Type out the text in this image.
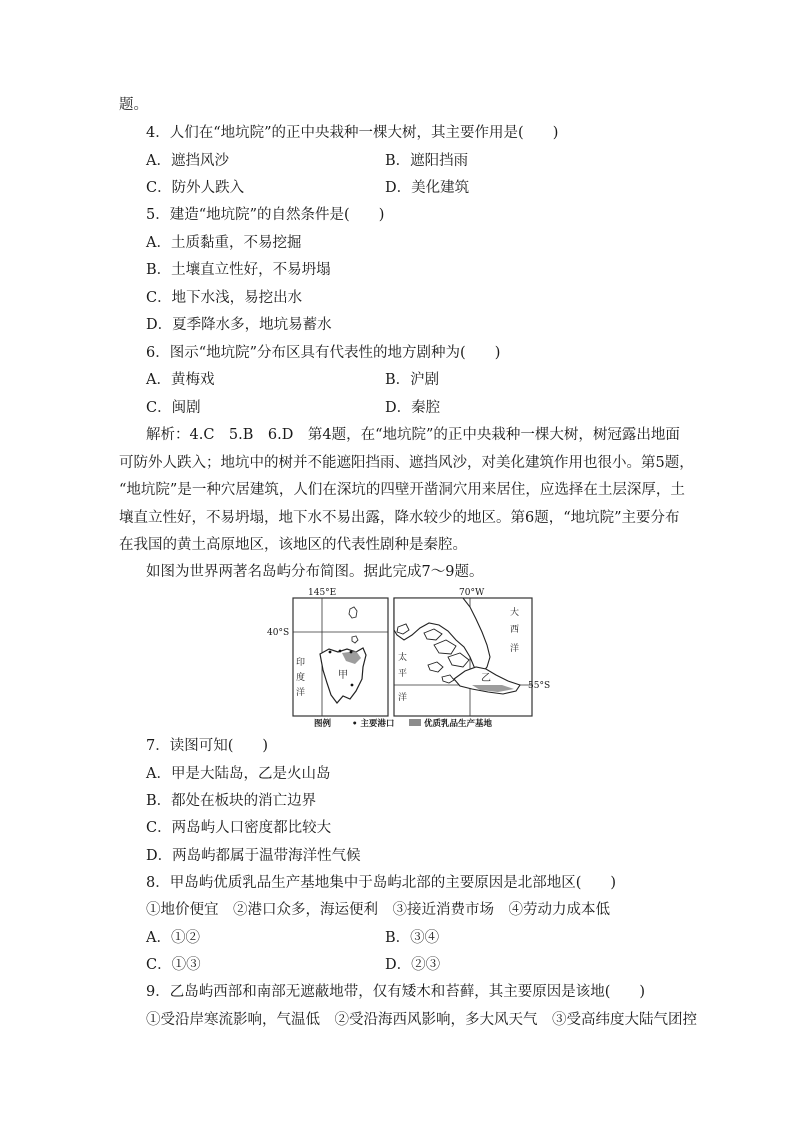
题。
4．人们在“地坑院”的正中央栽种一棵大树，其主要作用是(　　)
A．遮挡风沙	B．遮阳挡雨
C．防外人跌入	D．美化建筑
5．建造“地坑院”的自然条件是(　　)
A．土质黏重，不易挖掘
B．土壤直立性好，不易坍塌
C．地下水浅，易挖出水
D．夏季降水多，地坑易蓄水
6．图示“地坑院”分布区具有代表性的地方剧种为(　　)
A．黄梅戏	B．沪剧
C．闽剧	D．秦腔
解析：4.C　5.B　6.D　第4题，在“地坑院”的正中央栽种一棵大树，树冠露出地面
可防外人跌入；地坑中的树并不能遮阳挡雨、遮挡风沙，对美化建筑作用也很小。第5题，
“地坑院”是一种穴居建筑，人们在深坑的四壁开凿洞穴用来居住，应选择在土层深厚，土
壤直立性好，不易坍塌，地下水不易出露，降水较少的地区。第6题，“地坑院”主要分布
在我国的黄土高原地区，该地区的代表性剧种是秦腔。
如图为世界两著名岛屿分布简图。据此完成7～9题。
145°E
40°S
印
度
洋
甲
70°W
55°S
乙
太
平
洋
大
西
洋
图例 • 主要港口	优质乳品生产基地
7．读图可知(　　)
A．甲是大陆岛，乙是火山岛
B．都处在板块的消亡边界
C．两岛屿人口密度都比较大
D．两岛屿都属于温带海洋性气候
8．甲岛屿优质乳品生产基地集中于岛屿北部的主要原因是北部地区(　　)
①地价便宜　②港口众多，海运便利　③接近消费市场　④劳动力成本低
A．①②	B．③④
C．①③	D．②③
9．乙岛屿西部和南部无遮蔽地带，仅有矮木和苔藓，其主要原因是该地(　　)
①受沿岸寒流影响，气温低　②受沿海西风影响，多大风天气　③受高纬度大陆气团控
